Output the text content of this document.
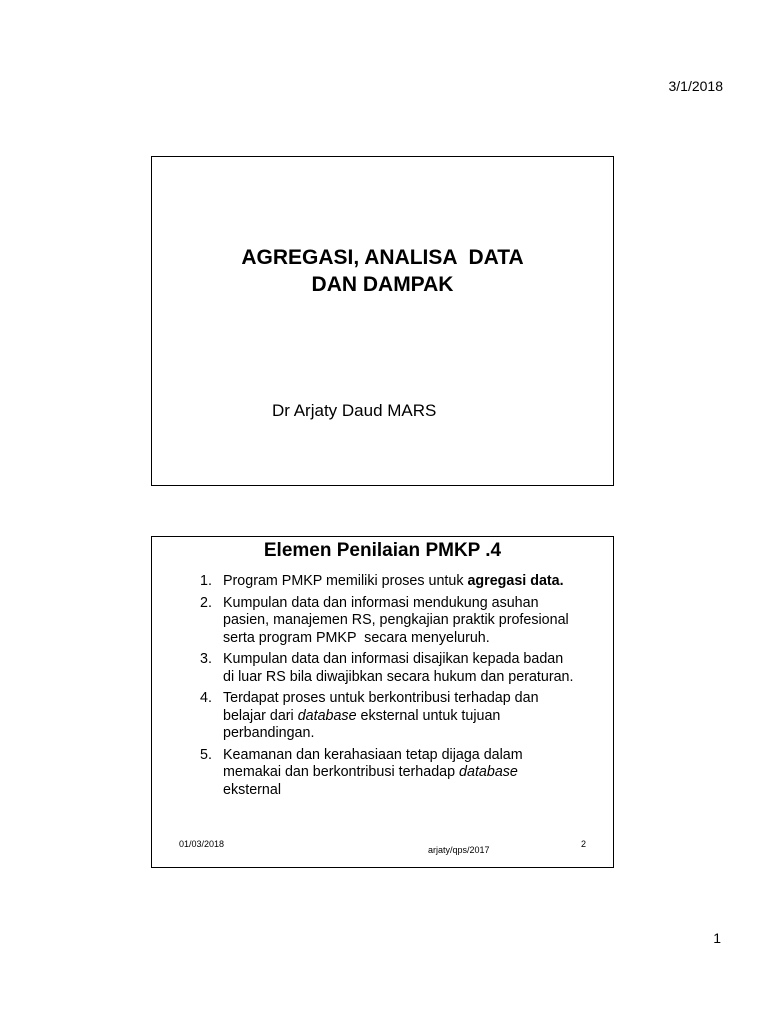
3/1/2018
AGREGASI, ANALISA  DATA
DAN DAMPAK
Dr Arjaty Daud MARS
Elemen Penilaian PMKP .4
1. Program PMKP memiliki proses untuk agregasi data.
2. Kumpulan data dan informasi mendukung asuhan
pasien, manajemen RS, pengkajian praktik profesional
serta program PMKP  secara menyeluruh.
3. Kumpulan data dan informasi disajikan kepada badan
di luar RS bila diwajibkan secara hukum dan peraturan.
4. Terdapat proses untuk berkontribusi terhadap dan
belajar dari database eksternal untuk tujuan
perbandingan.
5. Keamanan dan kerahasiaan tetap dijaga dalam
memakai dan berkontribusi terhadap database
eksternal
01/03/2018
arjaty/qps/2017
2
1
